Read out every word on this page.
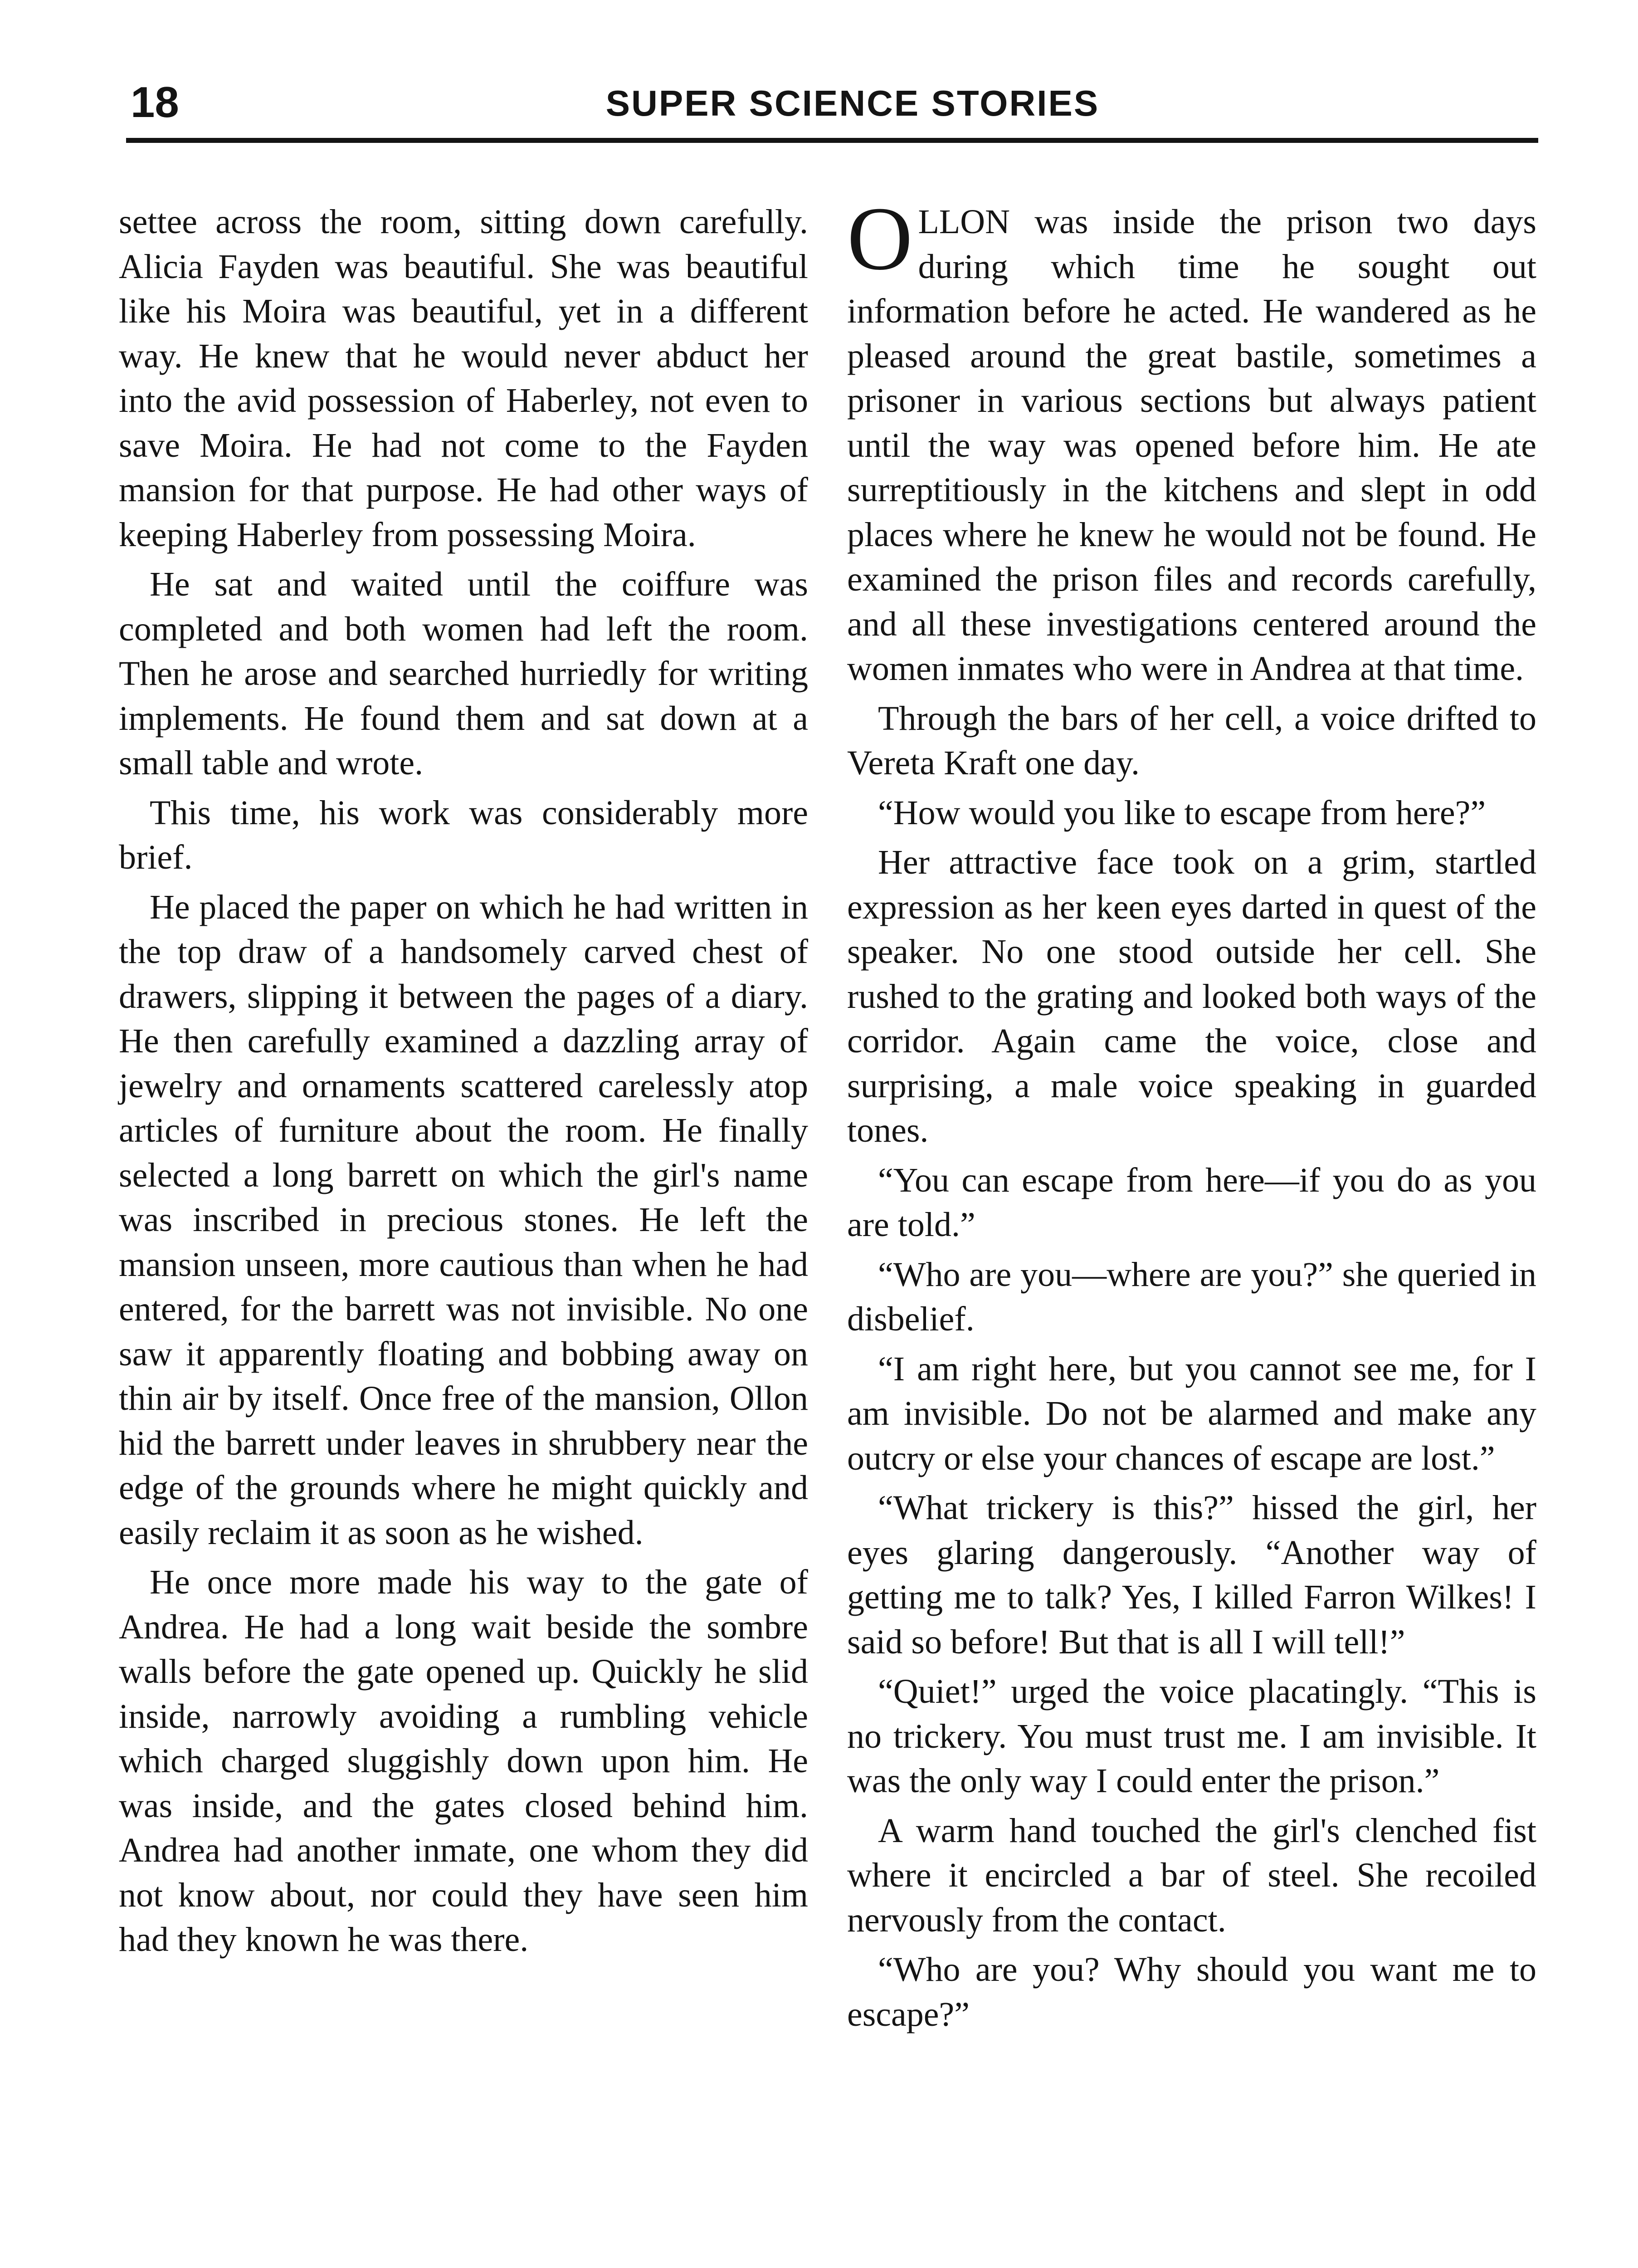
18	SUPER SCIENCE STORIES

settee across the room, sitting down carefully. Alicia Fayden was beautiful. She was beautiful like his Moira was beautiful, yet in a different way. He knew that he would never abduct her into the avid possession of Haberley, not even to save Moira. He had not come to the Fayden mansion for that purpose. He had other ways of keeping Haberley from possessing Moira.

He sat and waited until the coiffure was completed and both women had left the room. Then he arose and searched hurriedly for writing implements. He found them and sat down at a small table and wrote.

This time, his work was considerably more brief.

He placed the paper on which he had written in the top draw of a handsomely carved chest of drawers, slipping it between the pages of a diary. He then carefully examined a dazzling array of jewelry and ornaments scattered carelessly atop articles of furniture about the room. He finally selected a long barrett on which the girl's name was inscribed in precious stones. He left the mansion unseen, more cautious than when he had entered, for the barrett was not invisible. No one saw it apparently floating and bobbing away on thin air by itself. Once free of the mansion, Ollon hid the barrett under leaves in shrubbery near the edge of the grounds where he might quickly and easily reclaim it as soon as he wished.

He once more made his way to the gate of Andrea. He had a long wait beside the sombre walls before the gate opened up. Quickly he slid inside, narrowly avoiding a rumbling vehicle which charged sluggishly down upon him. He was inside, and the gates closed behind him. Andrea had another inmate, one whom they did not know about, nor could they have seen him had they known he was there.

OLLON was inside the prison two days during which time he sought out information before he acted. He wandered as he pleased around the great bastile, sometimes a prisoner in various sections but always patient until the way was opened before him. He ate surreptitiously in the kitchens and slept in odd places where he knew he would not be found. He examined the prison files and records carefully, and all these investigations centered around the women inmates who were in Andrea at that time.

Through the bars of her cell, a voice drifted to Vereta Kraft one day.

“How would you like to escape from here?”

Her attractive face took on a grim, startled expression as her keen eyes darted in quest of the speaker. No one stood outside her cell. She rushed to the grating and looked both ways of the corridor. Again came the voice, close and surprising, a male voice speaking in guarded tones.

“You can escape from here—if you do as you are told.”

“Who are you—where are you?” she queried in disbelief.

“I am right here, but you cannot see me, for I am invisible. Do not be alarmed and make any outcry or else your chances of escape are lost.”

“What trickery is this?” hissed the girl, her eyes glaring dangerously. “Another way of getting me to talk? Yes, I killed Farron Wilkes! I said so before! But that is all I will tell!”

“Quiet!” urged the voice placatingly. “This is no trickery. You must trust me. I am invisible. It was the only way I could enter the prison.”

A warm hand touched the girl's clenched fist where it encircled a bar of steel. She recoiled nervously from the contact.

“Who are you? Why should you want me to escape?”
